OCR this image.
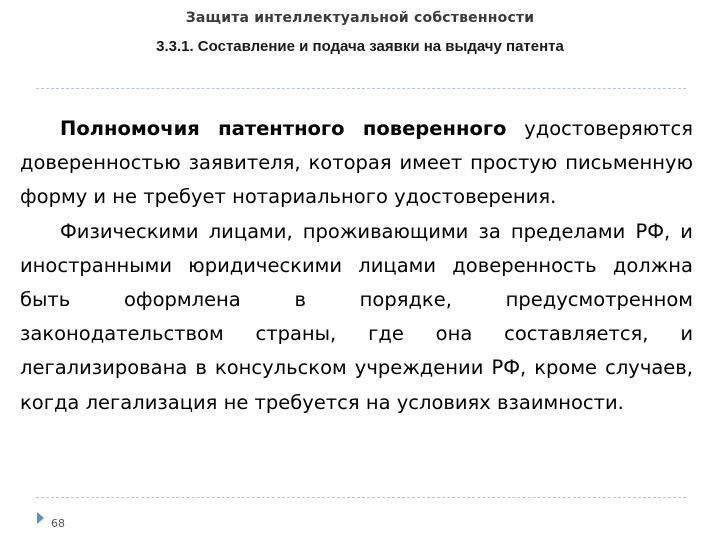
Защита интеллектуальной собственности
3.3.1. Составление и подача заявки на выдачу патента

Полномочия патентного поверенного удостоверяются доверенностью заявителя, которая имеет простую письменную форму и не требует нотариального удостоверения.

Физическими лицами, проживающими за пределами РФ, и иностранными юридическими лицами доверенность должна быть оформлена в порядке, предусмотренном законодательством страны, где она составляется, и легализирована в консульском учреждении РФ, кроме случаев, когда легализация не требуется на условиях взаимности.

68
